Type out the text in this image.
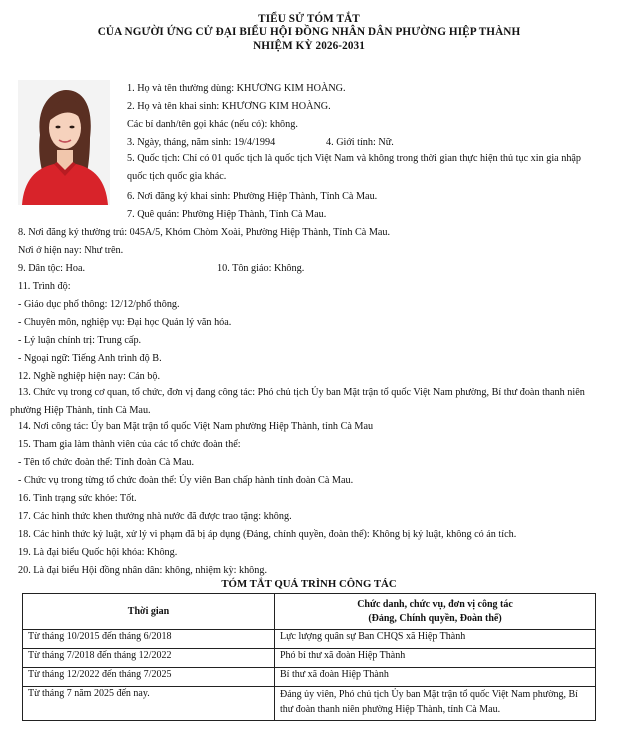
TIỂU SỬ TÓM TẮT
CỦA NGƯỜI ỨNG CỬ ĐẠI BIỂU HỘI ĐỒNG NHÂN DÂN PHƯỜNG HIỆP THÀNH
NHIỆM KỲ 2026-2031
1. Họ và tên thường dùng: KHƯƠNG KIM HOÀNG.
2. Họ và tên khai sinh: KHƯƠNG KIM HOÀNG.
Các bí danh/tên gọi khác (nếu có): không.
3. Ngày, tháng, năm sinh: 19/4/1994	4. Giới tính: Nữ.
5. Quốc tịch: Chỉ có 01 quốc tịch là quốc tịch Việt Nam và không trong thời gian thực hiện thủ tục xin gia nhập quốc tịch quốc gia khác.
6. Nơi đăng ký khai sinh: Phường Hiệp Thành, Tỉnh Cà Mau.
7. Quê quán: Phường Hiệp Thành, Tỉnh Cà Mau.
8. Nơi đăng ký thường trú: 045A/5, Khóm Chòm Xoài, Phường Hiệp Thành, Tỉnh Cà Mau.
Nơi ở hiện nay: Như trên.
9. Dân tộc: Hoa.	10. Tôn giáo: Không.
11. Trình độ:
- Giáo dục phổ thông: 12/12/phổ thông.
- Chuyên môn, nghiệp vụ: Đại học Quản lý văn hóa.
- Lý luận chính trị: Trung cấp.
- Ngoại ngữ: Tiếng Anh trình độ B.
12. Nghề nghiệp hiện nay: Cán bộ.
13. Chức vụ trong cơ quan, tổ chức, đơn vị đang công tác: Phó chủ tịch Ủy ban Mặt trận tổ quốc Việt Nam phường, Bí thư đoàn thanh niên phường Hiệp Thành, tỉnh Cà Mau.
14. Nơi công tác: Ủy ban Mặt trận tổ quốc Việt Nam phường Hiệp Thành, tỉnh Cà Mau
15. Tham gia làm thành viên của các tổ chức đoàn thể:
- Tên tổ chức đoàn thể: Tỉnh đoàn Cà Mau.
- Chức vụ trong từng tổ chức đoàn thể: Ủy viên Ban chấp hành tỉnh đoàn Cà Mau.
16. Tình trạng sức khỏe: Tốt.
17. Các hình thức khen thưởng nhà nước đã được trao tặng: không.
18. Các hình thức kỷ luật, xử lý vi phạm đã bị áp dụng (Đảng, chính quyền, đoàn thể): Không bị kỷ luật, không có án tích.
19. Là đại biểu Quốc hội khóa: Không.
20. Là đại biểu Hội đồng nhân dân: không, nhiệm kỳ: không.
TÓM TẮT QUÁ TRÌNH CÔNG TÁC
Thời gian	Chức danh, chức vụ, đơn vị công tác
(Đảng, Chính quyền, Đoàn thể)

Từ tháng 10/2015 đến tháng 6/2018	Lực lượng quân sự Ban CHQS xã Hiệp Thành
Từ tháng 7/2018 đến tháng 12/2022	Phó bí thư xã đoàn Hiệp Thành
Từ tháng 12/2022 đến tháng 7/2025	Bí thư xã đoàn Hiệp Thành
Từ tháng 7 năm 2025 đến nay.	Đảng ủy viên, Phó chủ tịch Ủy ban Mặt trận tổ quốc Việt Nam phường, Bí thư đoàn thanh niên phường Hiệp Thành, tỉnh Cà Mau.
